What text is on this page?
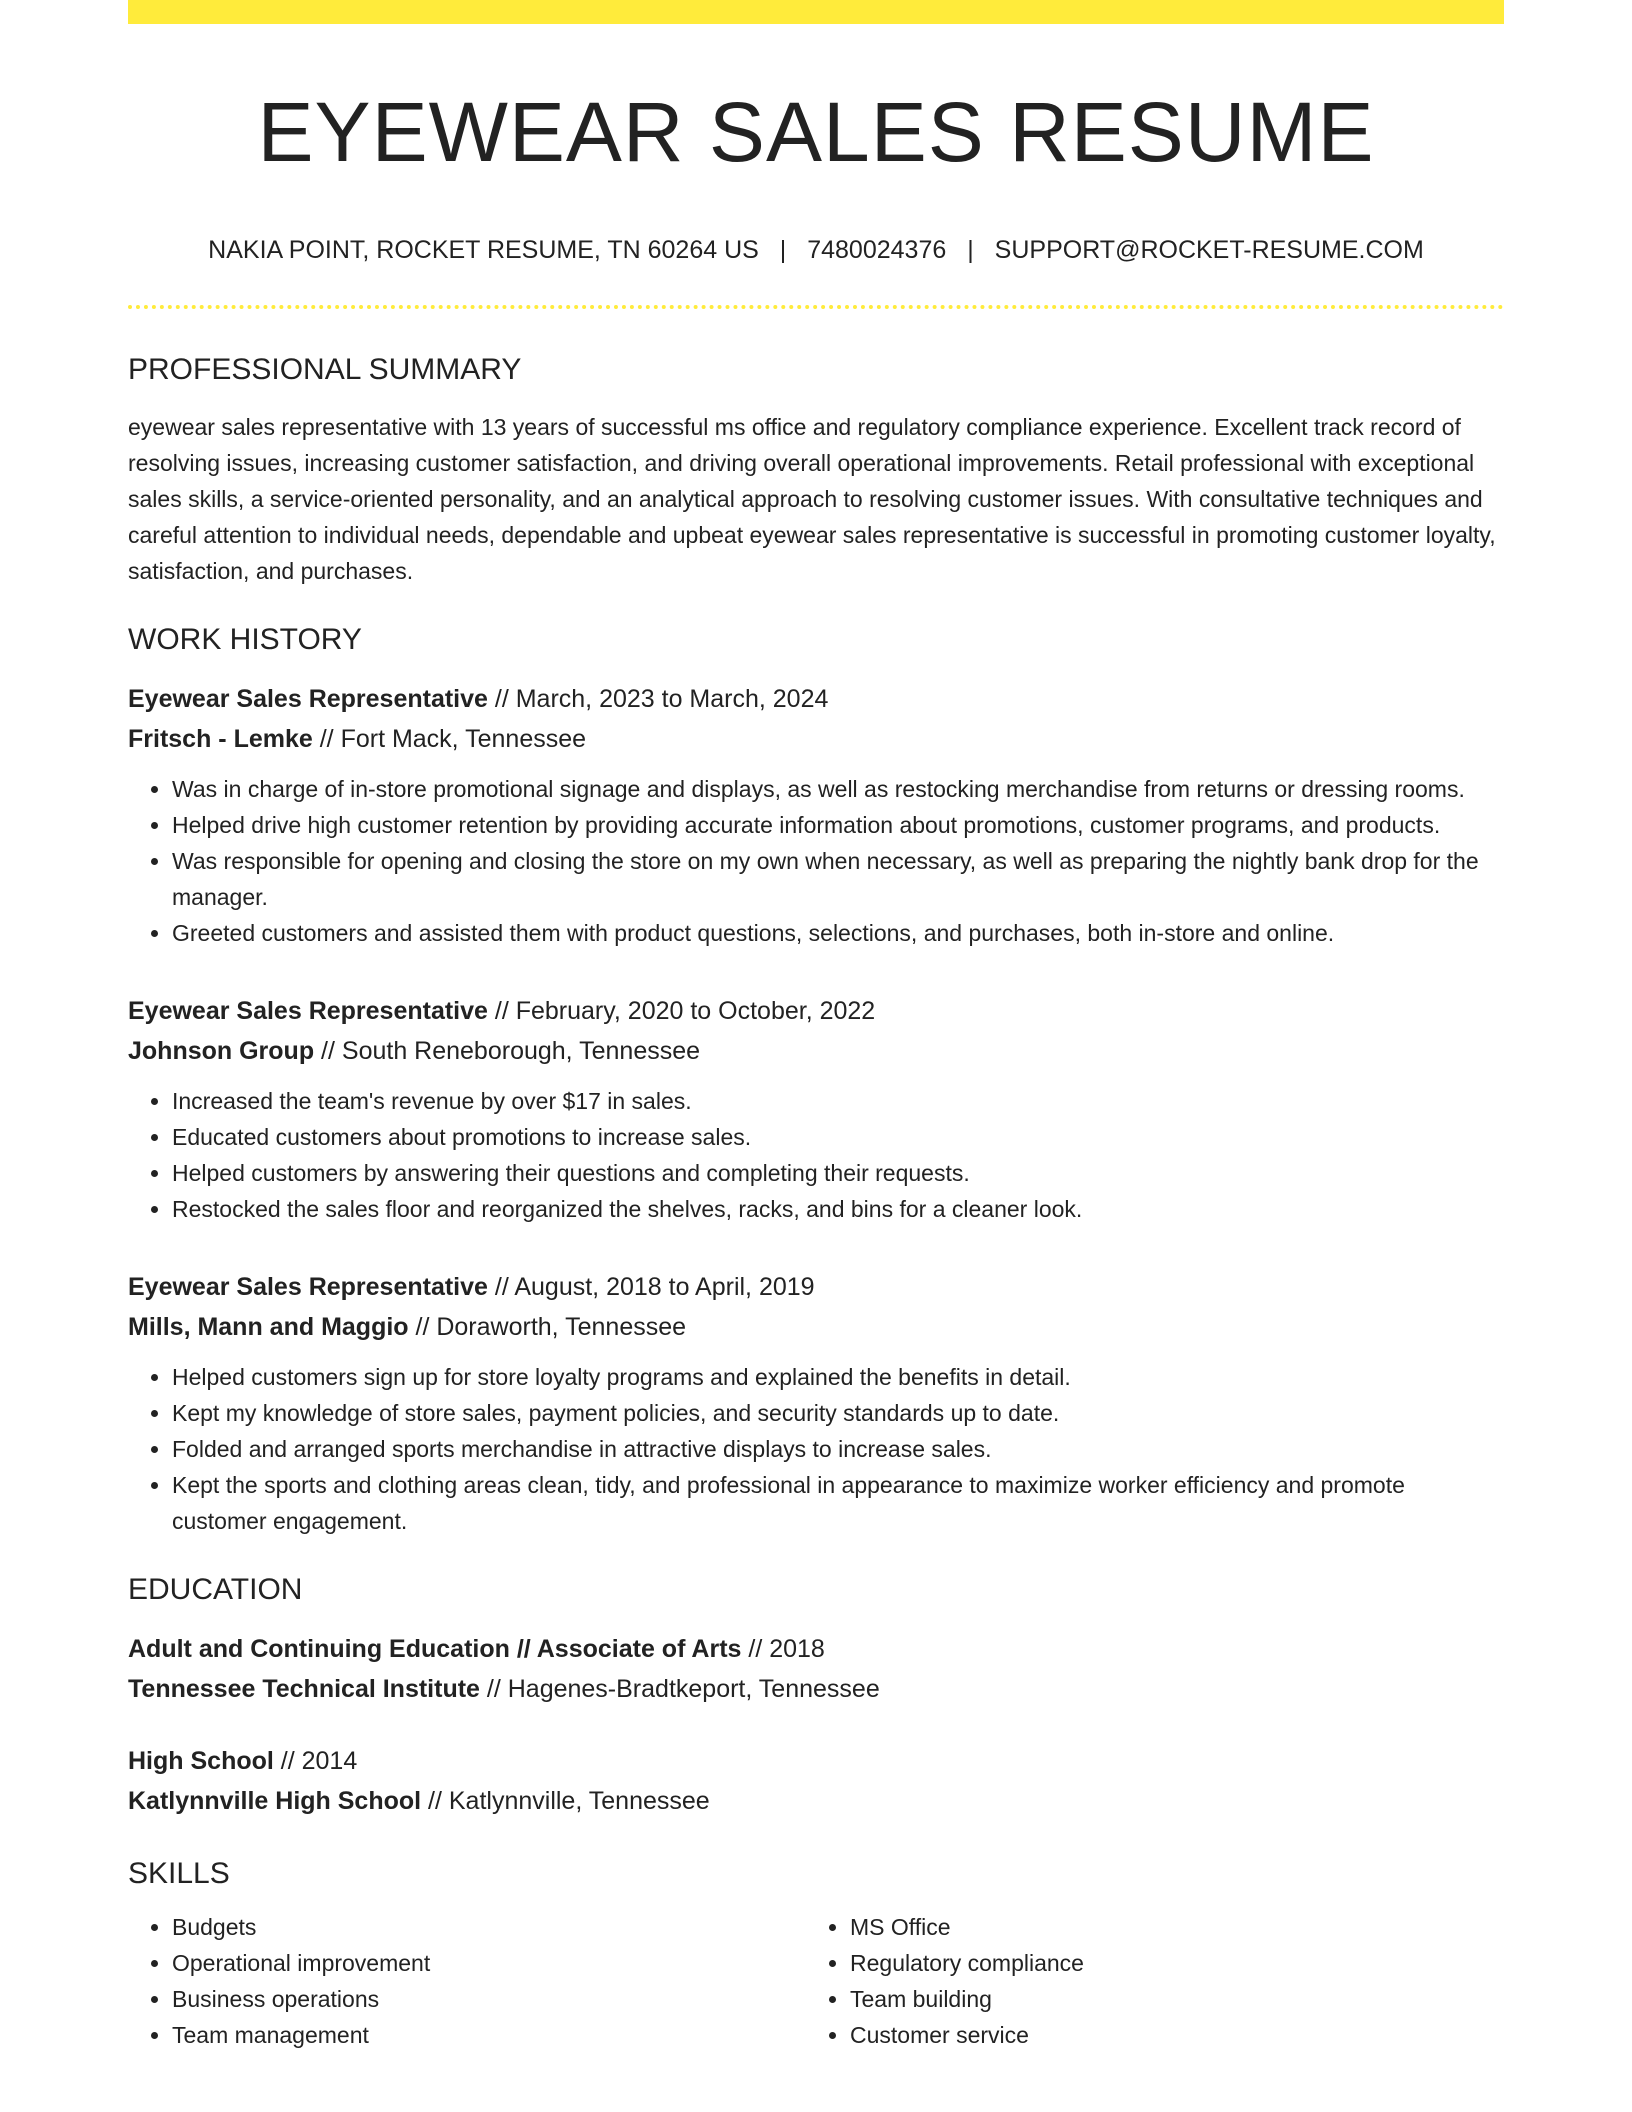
EYEWEAR SALES RESUME
NAKIA POINT, ROCKET RESUME, TN 60264 US | 7480024376 | SUPPORT@ROCKET-RESUME.COM
PROFESSIONAL SUMMARY

eyewear sales representative with 13 years of successful ms office and regulatory compliance experience. Excellent track record of resolving issues, increasing customer satisfaction, and driving overall operational improvements. Retail professional with exceptional sales skills, a service-oriented personality, and an analytical approach to resolving customer issues. With consultative techniques and careful attention to individual needs, dependable and upbeat eyewear sales representative is successful in promoting customer loyalty, satisfaction, and purchases.

WORK HISTORY
Eyewear Sales Representative // March, 2023 to March, 2024
Fritsch - Lemke // Fort Mack, Tennessee
• Was in charge of in-store promotional signage and displays, as well as restocking merchandise from returns or dressing rooms.
• Helped drive high customer retention by providing accurate information about promotions, customer programs, and products.
• Was responsible for opening and closing the store on my own when necessary, as well as preparing the nightly bank drop for the manager.
• Greeted customers and assisted them with product questions, selections, and purchases, both in-store and online.
Eyewear Sales Representative // February, 2020 to October, 2022
Johnson Group // South Reneborough, Tennessee
• Increased the team's revenue by over $17 in sales.
• Educated customers about promotions to increase sales.
• Helped customers by answering their questions and completing their requests.
• Restocked the sales floor and reorganized the shelves, racks, and bins for a cleaner look.
Eyewear Sales Representative // August, 2018 to April, 2019
Mills, Mann and Maggio // Doraworth, Tennessee
• Helped customers sign up for store loyalty programs and explained the benefits in detail.
• Kept my knowledge of store sales, payment policies, and security standards up to date.
• Folded and arranged sports merchandise in attractive displays to increase sales.
• Kept the sports and clothing areas clean, tidy, and professional in appearance to maximize worker efficiency and promote customer engagement.
EDUCATION
Adult and Continuing Education // Associate of Arts // 2018
Tennessee Technical Institute // Hagenes-Bradtkeport, Tennessee
High School // 2014
Katlynnville High School // Katlynnville, Tennessee
SKILLS
• Budgets
• Operational improvement
• Business operations
• Team management
• MS Office
• Regulatory compliance
• Team building
• Customer service
